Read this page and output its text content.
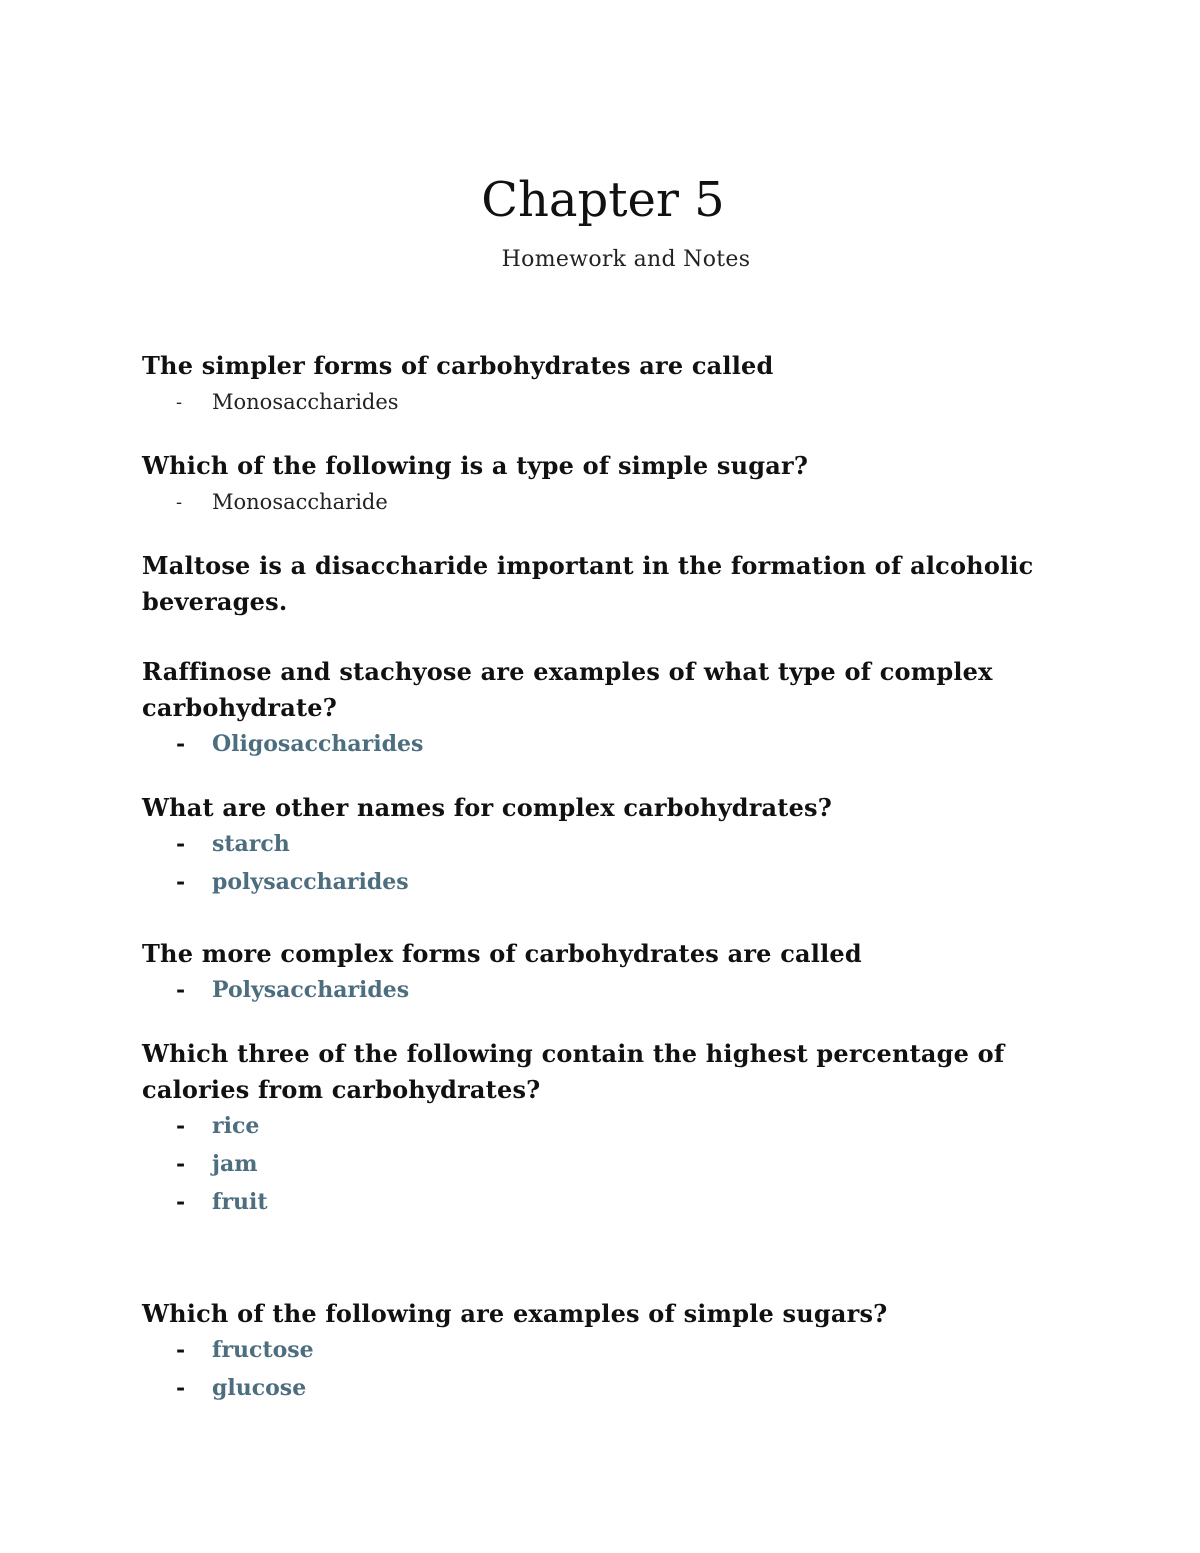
Chapter 5
Homework and Notes

The simpler forms of carbohydrates are called

- Monosaccharides

Which of the following is a type of simple sugar?

- Monosaccharide

Maltose is a disaccharide important in the formation of alcoholic beverages.

Raffinose and stachyose are examples of what type of complex carbohydrate?

- Oligosaccharides

What are other names for complex carbohydrates?

- starch
- polysaccharides

The more complex forms of carbohydrates are called

- Polysaccharides

Which three of the following contain the highest percentage of calories from carbohydrates?

- rice
- jam
- fruit

Which of the following are examples of simple sugars?

- fructose
- glucose
